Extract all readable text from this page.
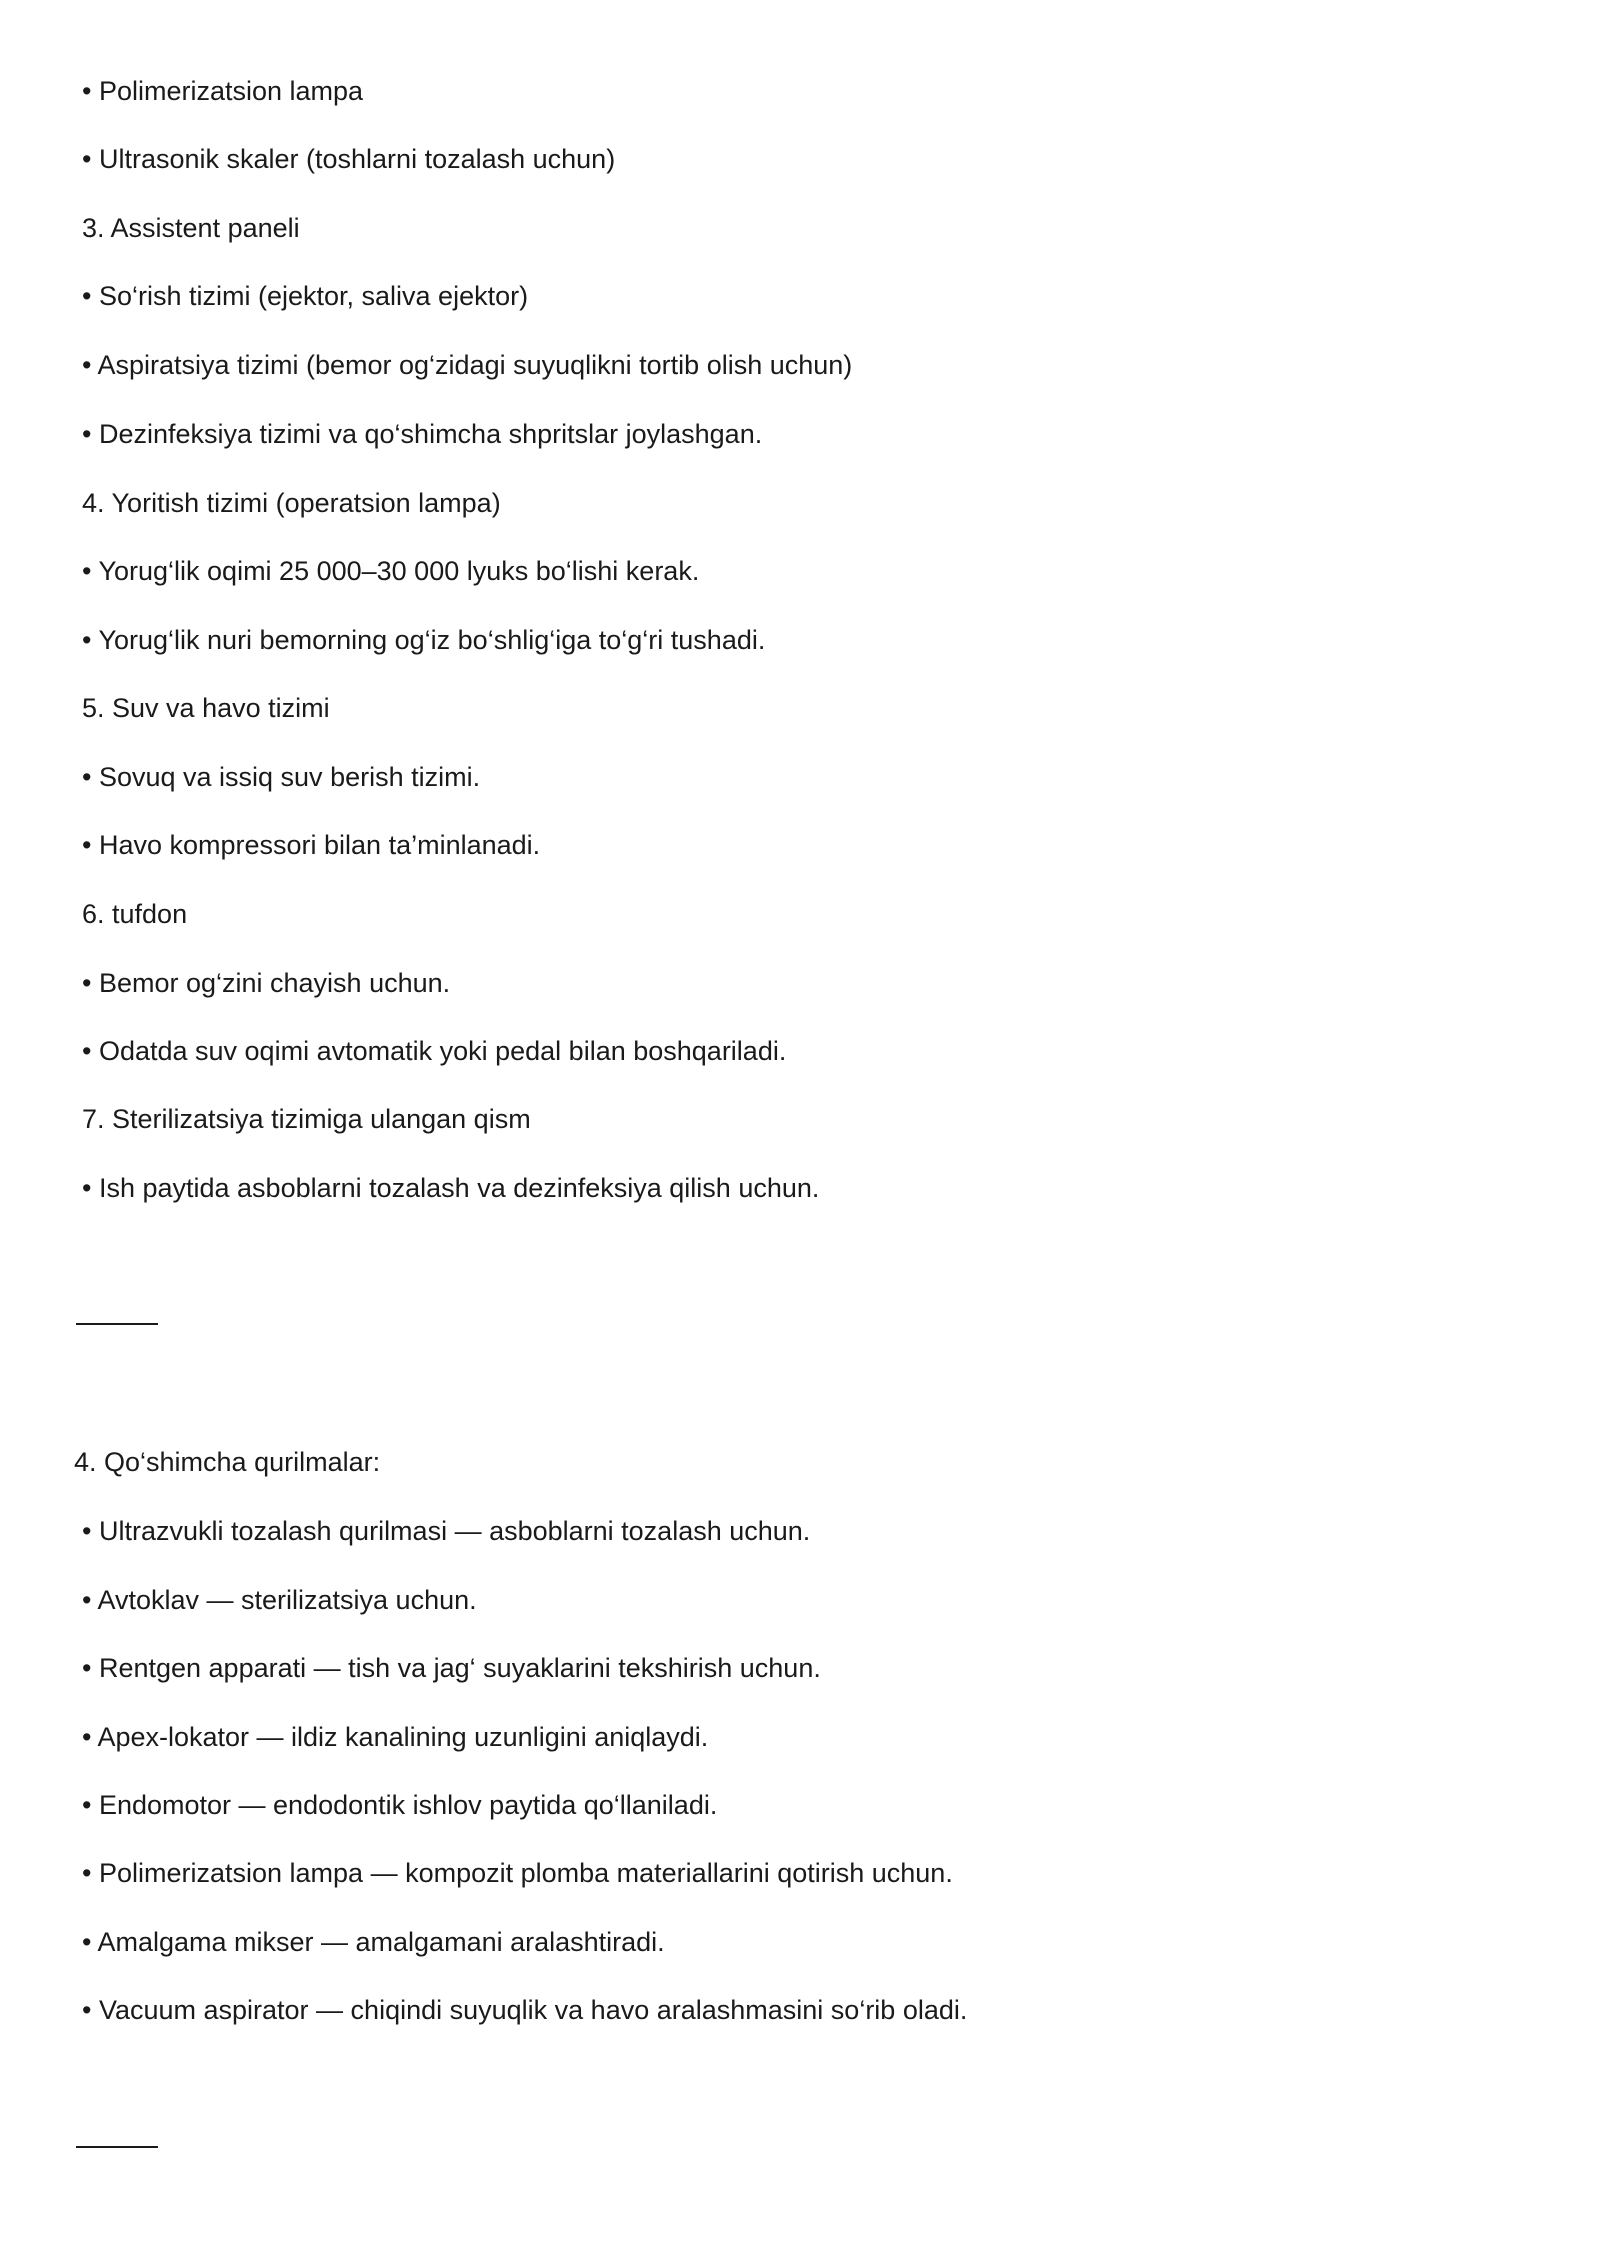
• Polimerizatsion lampa
• Ultrasonik skaler (toshlarni tozalash uchun)
3. Assistent paneli
• So‘rish tizimi (ejektor, saliva ejektor)
• Aspiratsiya tizimi (bemor og‘zidagi suyuqlikni tortib olish uchun)
• Dezinfeksiya tizimi va qo‘shimcha shpritslar joylashgan.
4. Yoritish tizimi (operatsion lampa)
• Yorug‘lik oqimi 25 000–30 000 lyuks bo‘lishi kerak.
• Yorug‘lik nuri bemorning og‘iz bo‘shlig‘iga to‘g‘ri tushadi.
5. Suv va havo tizimi
• Sovuq va issiq suv berish tizimi.
• Havo kompressori bilan ta’minlanadi.
6. tufdon
• Bemor og‘zini chayish uchun.
• Odatda suv oqimi avtomatik yoki pedal bilan boshqariladi.
7. Sterilizatsiya tizimiga ulangan qism
• Ish paytida asboblarni tozalash va dezinfeksiya qilish uchun.
4. Qo‘shimcha qurilmalar:
• Ultrazvukli tozalash qurilmasi — asboblarni tozalash uchun.
• Avtoklav — sterilizatsiya uchun.
• Rentgen apparati — tish va jag‘ suyaklarini tekshirish uchun.
• Apex-lokator — ildiz kanalining uzunligini aniqlaydi.
• Endomotor — endodontik ishlov paytida qo‘llaniladi.
• Polimerizatsion lampa — kompozit plomba materiallarini qotirish uchun.
• Amalgama mikser — amalgamani aralashtiradi.
• Vacuum aspirator — chiqindi suyuqlik va havo aralashmasini so‘rib oladi.
